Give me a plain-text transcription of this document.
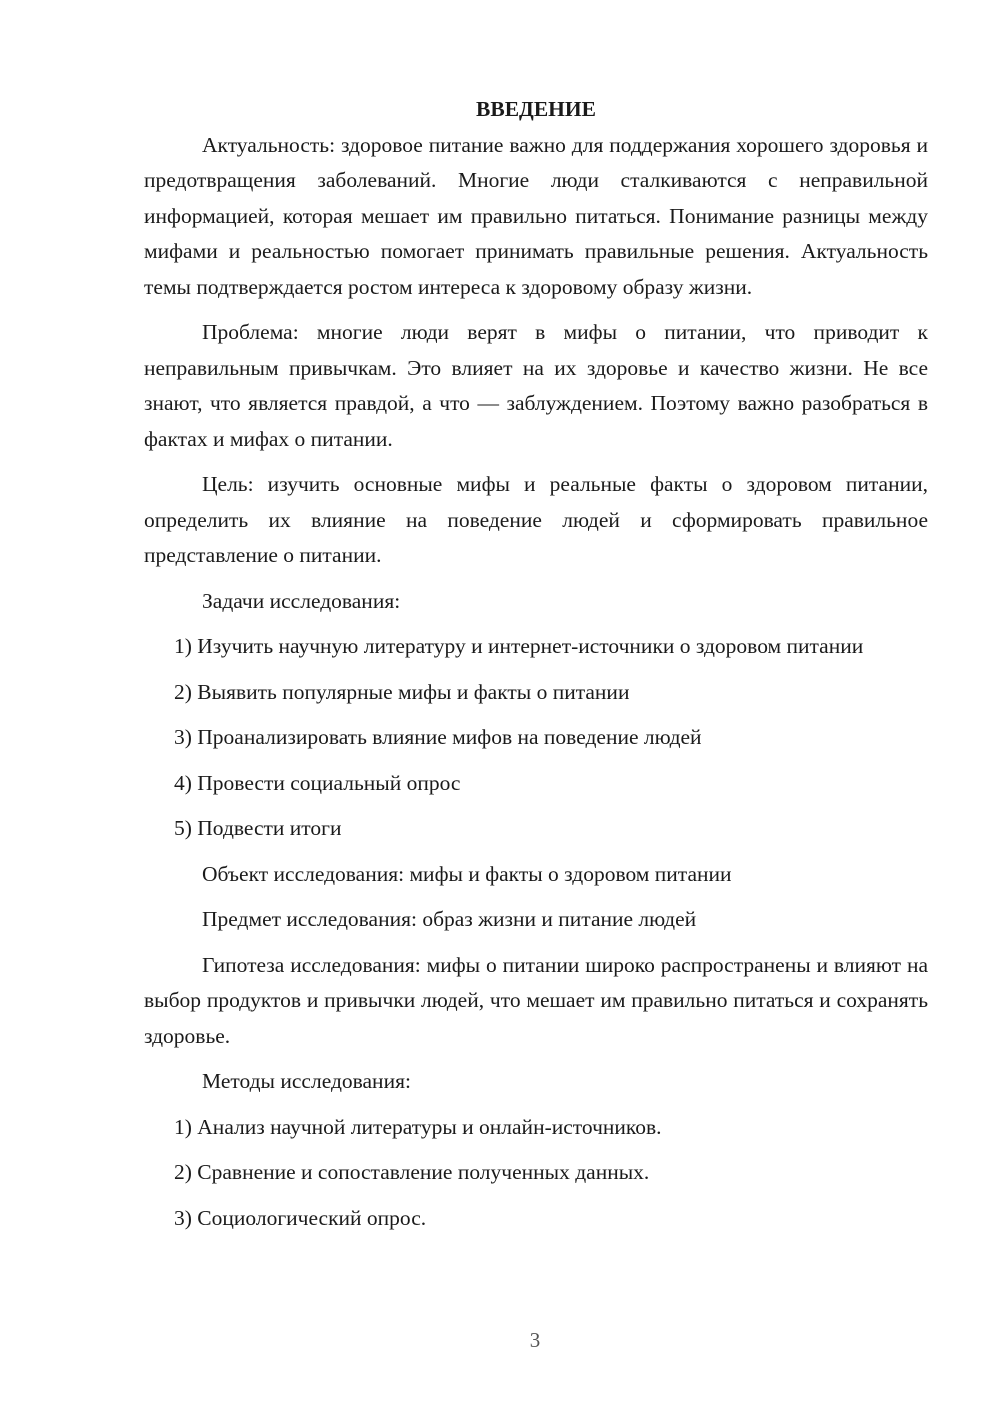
ВВЕДЕНИЕ

Актуальность: здоровое питание важно для поддержания хорошего здоровья и предотвращения заболеваний. Многие люди сталкиваются с неправильной информацией, которая мешает им правильно питаться. Понимание разницы между мифами и реальностью помогает принимать правильные решения. Актуальность темы подтверждается ростом интереса к здоровому образу жизни.

Проблема: многие люди верят в мифы о питании, что приводит к неправильным привычкам. Это влияет на их здоровье и качество жизни. Не все знают, что является правдой, а что — заблуждением. Поэтому важно разобраться в фактах и мифах о питании.

Цель: изучить основные мифы и реальные факты о здоровом питании, определить их влияние на поведение людей и сформировать правильное представление о питании.

Задачи исследования:

1) Изучить научную литературу и интернет-источники о здоровом питании

2) Выявить популярные мифы и факты о питании

3) Проанализировать влияние мифов на поведение людей

4) Провести социальный опрос

5) Подвести итоги

Объект исследования: мифы и факты о здоровом питании

Предмет исследования: образ жизни и питание людей

Гипотеза исследования: мифы о питании широко распространены и влияют на выбор продуктов и привычки людей, что мешает им правильно питаться и сохранять здоровье.

Методы исследования:

1) Анализ научной литературы и онлайн-источников.

2) Сравнение и сопоставление полученных данных.

3) Социологический опрос.

3
